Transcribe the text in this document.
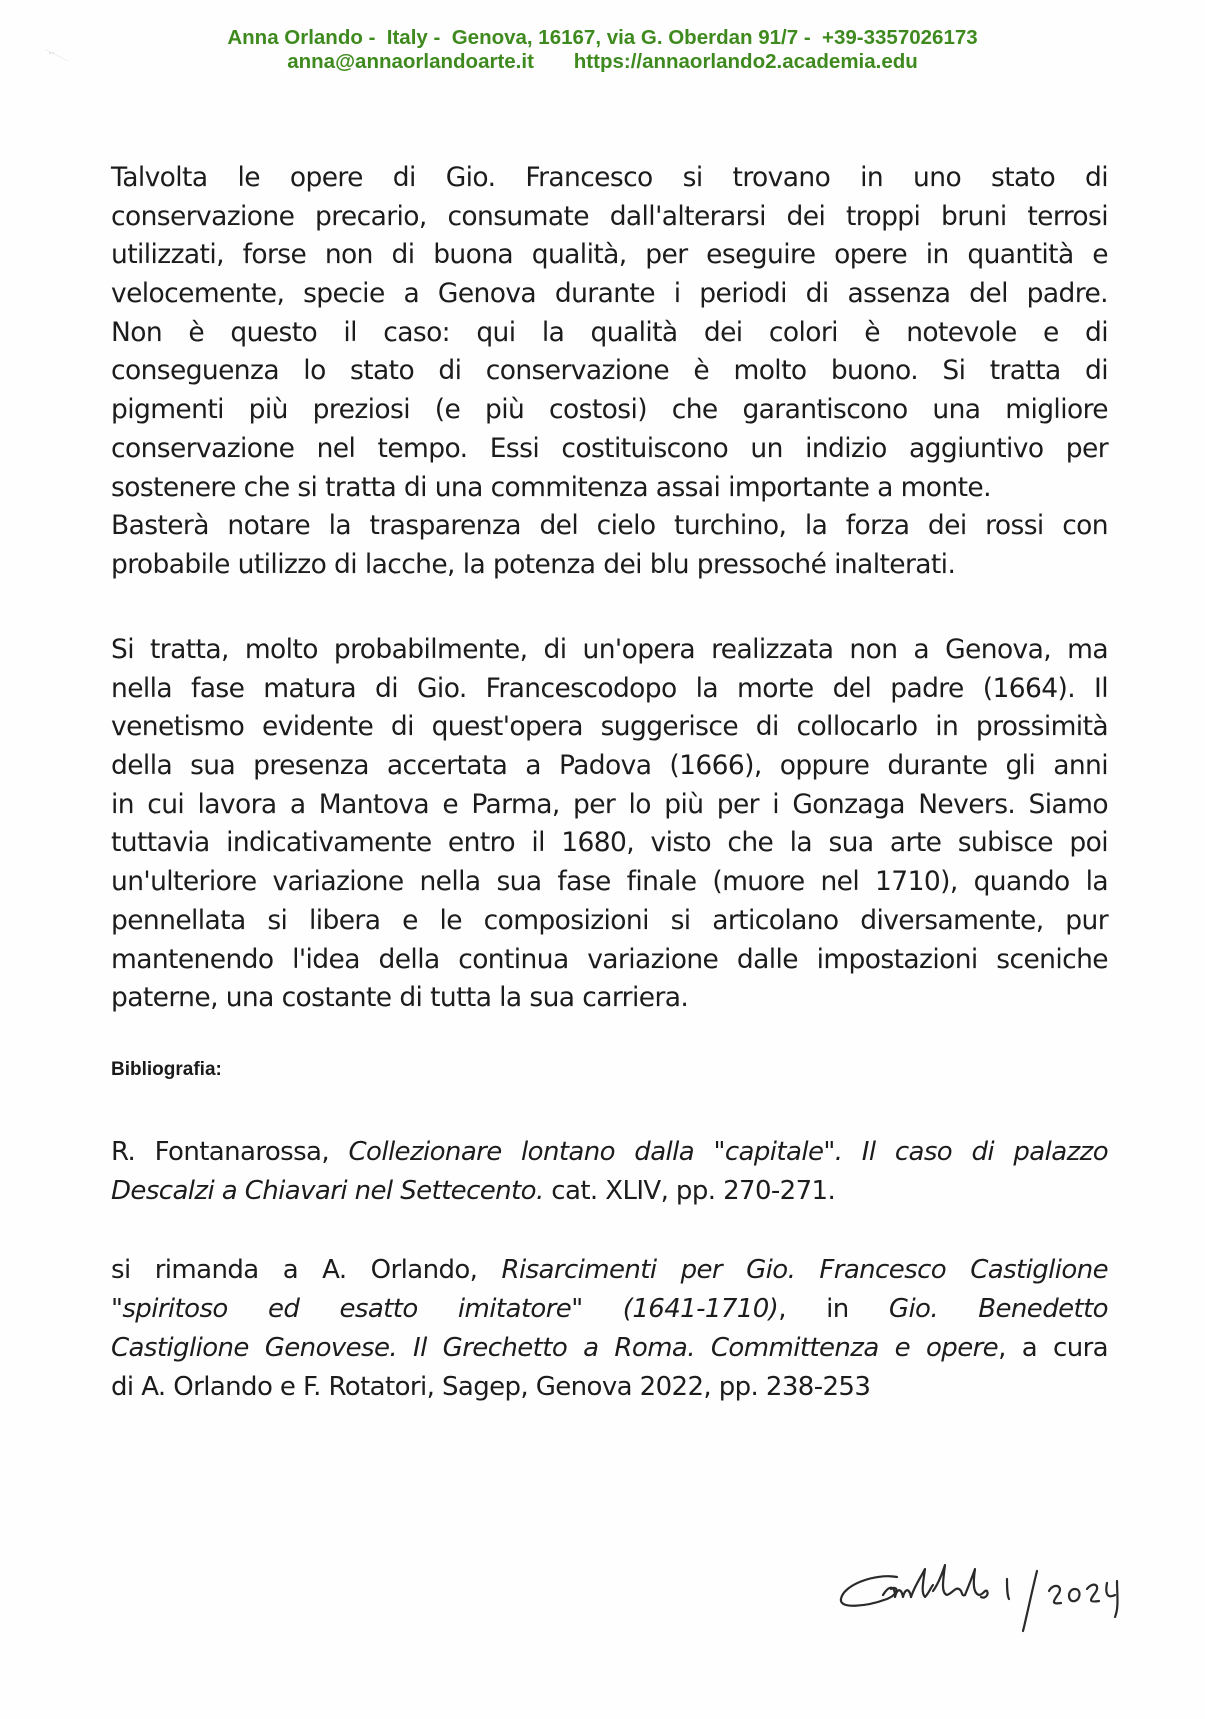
Anna Orlando -  Italy -  Genova, 16167, via G. Oberdan 91/7 -  +39-3357026173
anna@annaorlandoarte.it https://annaorlando2.academia.edu
Talvolta le opere di Gio. Francesco si trovano in uno stato di
conservazione precario, consumate dall'alterarsi dei troppi bruni terrosi
utilizzati, forse non di buona qualità, per eseguire opere in quantità e
velocemente, specie a Genova durante i periodi di assenza del padre.
Non è questo il caso: qui la qualità dei colori è notevole e di
conseguenza lo stato di conservazione è molto buono. Si tratta di
pigmenti più preziosi (e più costosi) che garantiscono una migliore
conservazione nel tempo. Essi costituiscono un indizio aggiuntivo per
sostenere che si tratta di una commitenza assai importante a monte.
Basterà notare la trasparenza del cielo turchino, la forza dei rossi con
probabile utilizzo di lacche, la potenza dei blu pressoché inalterati.
Si tratta, molto probabilmente, di un'opera realizzata non a Genova, ma
nella fase matura di Gio. Francescodopo la morte del padre (1664). Il
venetismo evidente di quest'opera suggerisce di collocarlo in prossimità
della sua presenza accertata a Padova (1666), oppure durante gli anni
in cui lavora a Mantova e Parma, per lo più per i Gonzaga Nevers. Siamo
tuttavia indicativamente entro il 1680, visto che la sua arte subisce poi
un'ulteriore variazione nella sua fase finale (muore nel 1710), quando la
pennellata si libera e le composizioni si articolano diversamente, pur
mantenendo l'idea della continua variazione dalle impostazioni sceniche
paterne, una costante di tutta la sua carriera.
Bibliografia:
R. Fontanarossa, Collezionare lontano dalla "capitale". Il caso di palazzo
Descalzi a Chiavari nel Settecento. cat. XLIV, pp. 270-271.
si rimanda a A. Orlando, Risarcimenti per Gio. Francesco Castiglione
"spiritoso ed esatto imitatore" (1641-1710), in Gio. Benedetto
Castiglione Genovese. Il Grechetto a Roma. Committenza e opere, a cura
di A. Orlando e F. Rotatori, Sagep, Genova 2022, pp. 238-253
